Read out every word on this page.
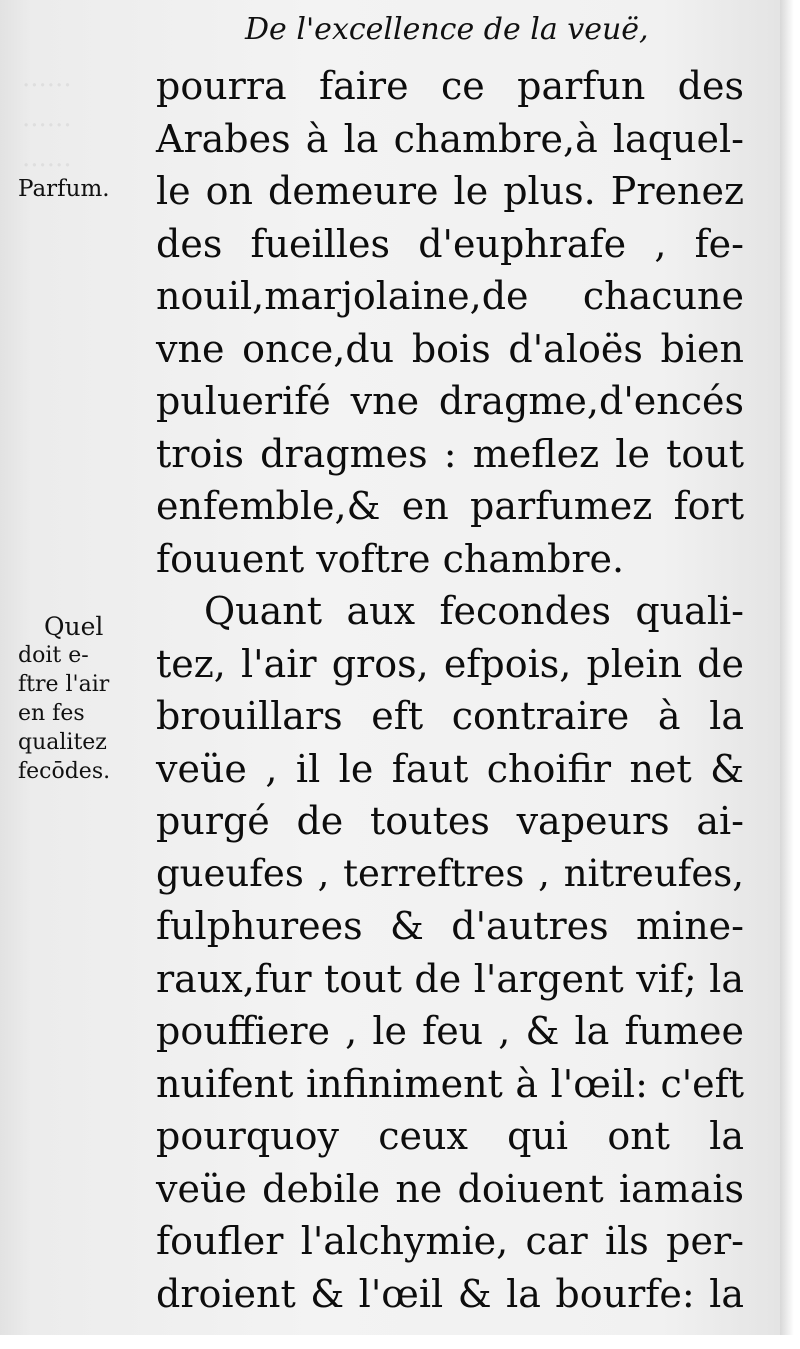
......
......
......
De l'excellence de la veuë,
Parfum.
Quel
doit e-
ftre l'air
en fes
qualitez
fecōdes.
pourra faire ce parfun des
Arabes à la chambre,à laquel-
le on demeure le plus. Prenez
des fueilles d'euphrafe , fe-
nouil,marjolaine,de chacune
vne once,du bois d'aloës bien
puluerifé vne dragme,d'encés
trois dragmes : meflez le tout
enfemble,& en parfumez fort
fouuent voftre chambre.
Quant aux fecondes quali-
tez, l'air gros, efpois, plein de
brouillars eft contraire à la
veüe , il le faut choifir net &
purgé de toutes vapeurs ai-
gueufes , terreftres , nitreufes,
fulphurees & d'autres mine-
raux,fur tout de l'argent vif; la
pouffiere , le feu , & la fumee
nuifent infiniment à l'œil: c'eft
pourquoy ceux qui ont la
veüe debile ne doiuent iamais
foufler l'alchymie, car ils per-
droient & l'œil & la bourfe: la
